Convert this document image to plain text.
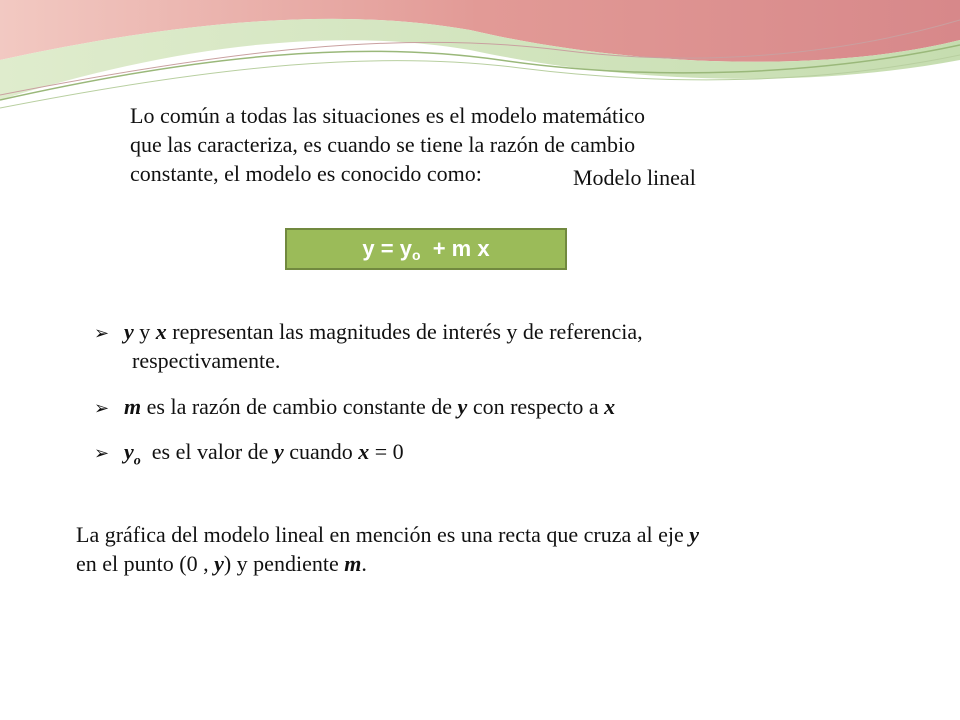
Lo común a todas las situaciones es el modelo matemático
que las caracteriza, es cuando se tiene la razón de cambio
constante, el modelo es conocido como:	Modelo lineal
$y = y_o + m$ x
➢ y y x representan las magnitudes de interés y de referencia,
respectivamente.
➢ m es la razón de cambio constante de y con respecto a x
➢ $y_o$  es el valor de y cuando x = 0
La gráfica del modelo lineal en mención es una recta que cruza al eje y
en el punto (0 , y) y pendiente m.
